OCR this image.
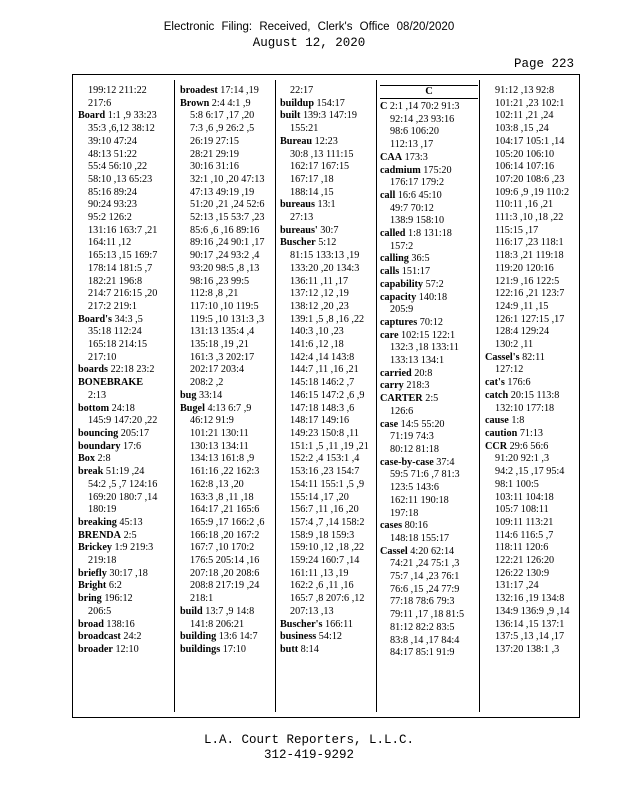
Electronic Filing: Received, Clerk's Office 08/20/2020
August 12, 2020
Page 223
199:12 211:22
217:6
Board 1:1 ,9 33:23
35:3 ,6,12 38:12
39:10 47:24
48:13 51:22
55:4 56:10 ,22
58:10 ,13 65:23
85:16 89:24
90:24 93:23
95:2 126:2
131:16 163:7 ,21
164:11 ,12
165:13 ,15 169:7
178:14 181:5 ,7
182:21 196:8
214:7 216:15 ,20
217:2 219:1
Board's 34:3 ,5
35:18 112:24
165:18 214:15
217:10
boards 22:18 23:2
BONEBRAKE
2:13
bottom 24:18
145:9 147:20 ,22
bouncing 205:17
boundary 17:6
Box 2:8
break 51:19 ,24
54:2 ,5 ,7 124:16
169:20 180:7 ,14
180:19
breaking 45:13
BRENDA 2:5
Brickey 1:9 219:3
219:18
briefly 30:17 ,18
Bright 6:2
bring 196:12
206:5
broad 138:16
broadcast 24:2
broader 12:10
broadest 17:14 ,19
Brown 2:4 4:1 ,9
5:8 6:17 ,17 ,20
7:3 ,6 ,9 26:2 ,5
26:19 27:15
28:21 29:19
30:16 31:16
32:1 ,10 ,20 47:13
47:13 49:19 ,19
51:20 ,21 ,24 52:6
52:13 ,15 53:7 ,23
85:6 ,6 ,16 89:16
89:16 ,24 90:1 ,17
90:17 ,24 93:2 ,4
93:20 98:5 ,8 ,13
98:16 ,23 99:5
112:8 ,8 ,21
117:10 ,10 119:5
119:5 ,10 131:3 ,3
131:13 135:4 ,4
135:18 ,19 ,21
161:3 ,3 202:17
202:17 203:4
208:2 ,2
bug 33:14
Bugel 4:13 6:7 ,9
46:12 91:9
101:21 130:11
130:13 134:11
134:13 161:8 ,9
161:16 ,22 162:3
162:8 ,13 ,20
163:3 ,8 ,11 ,18
164:17 ,21 165:6
165:9 ,17 166:2 ,6
166:18 ,20 167:2
167:7 ,10 170:2
176:5 205:14 ,16
207:18 ,20 208:6
208:8 217:19 ,24
218:1
build 13:7 ,9 14:8
141:8 206:21
building 13:6 14:7
buildings 17:10
22:17
buildup 154:17
built 139:3 147:19
155:21
Bureau 12:23
30:8 ,13 111:15
162:17 167:15
167:17 ,18
188:14 ,15
bureaus 13:1
27:13
bureaus' 30:7
Buscher 5:12
81:15 133:13 ,19
133:20 ,20 134:3
136:11 ,11 ,17
137:12 ,12 ,19
138:12 ,20 ,23
139:1 ,5 ,8 ,16 ,22
140:3 ,10 ,23
141:6 ,12 ,18
142:4 ,14 143:8
144:7 ,11 ,16 ,21
145:18 146:2 ,7
146:15 147:2 ,6 ,9
147:18 148:3 ,6
148:17 149:16
149:23 150:8 ,11
151:1 ,5 ,11 ,19 ,21
152:2 ,4 153:1 ,4
153:16 ,23 154:7
154:11 155:1 ,5 ,9
155:14 ,17 ,20
156:7 ,11 ,16 ,20
157:4 ,7 ,14 158:2
158:9 ,18 159:3
159:10 ,12 ,18 ,22
159:24 160:7 ,14
161:11 ,13 ,19
162:2 ,6 ,11 ,16
165:7 ,8 207:6 ,12
207:13 ,13
Buscher's 166:11
business 54:12
butt 8:14
C
C 2:1 ,14 70:2 91:3
92:14 ,23 93:16
98:6 106:20
112:13 ,17
CAA 173:3
cadmium 175:20
176:17 179:2
call 16:6 45:10
49:7 70:12
138:9 158:10
called 1:8 131:18
157:2
calling 36:5
calls 151:17
capability 57:2
capacity 140:18
205:9
captures 70:12
care 102:15 122:1
132:3 ,18 133:11
133:13 134:1
carried 20:8
carry 218:3
CARTER 2:5
126:6
case 14:5 55:20
71:19 74:3
80:12 81:18
case-by-case 37:4
59:5 71:6 ,7 81:3
123:5 143:6
162:11 190:18
197:18
cases 80:16
148:18 155:17
Cassel 4:20 62:14
74:21 ,24 75:1 ,3
75:7 ,14 ,23 76:1
76:6 ,15 ,24 77:9
77:18 78:6 79:3
79:11 ,17 ,18 81:5
81:12 82:2 83:5
83:8 ,14 ,17 84:4
84:17 85:1 91:9
91:12 ,13 92:8
101:21 ,23 102:1
102:11 ,21 ,24
103:8 ,15 ,24
104:17 105:1 ,14
105:20 106:10
106:14 107:16
107:20 108:6 ,23
109:6 ,9 ,19 110:2
110:11 ,16 ,21
111:3 ,10 ,18 ,22
115:15 ,17
116:17 ,23 118:1
118:3 ,21 119:18
119:20 120:16
121:9 ,16 122:5
122:16 ,21 123:7
124:9 ,11 ,15
126:1 127:15 ,17
128:4 129:24
130:2 ,11
Cassel's 82:11
127:12
cat's 176:6
catch 20:15 113:8
132:10 177:18
cause 1:8
caution 71:13
CCR 29:6 56:6
91:20 92:1 ,3
94:2 ,15 ,17 95:4
98:1 100:5
103:11 104:18
105:7 108:11
109:11 113:21
114:6 116:5 ,7
118:11 120:6
122:21 126:20
126:22 130:9
131:17 ,24
132:16 ,19 134:8
134:9 136:9 ,9 ,14
136:14 ,15 137:1
137:5 ,13 ,14 ,17
137:20 138:1 ,3
L.A. Court Reporters, L.L.C.
312-419-9292
